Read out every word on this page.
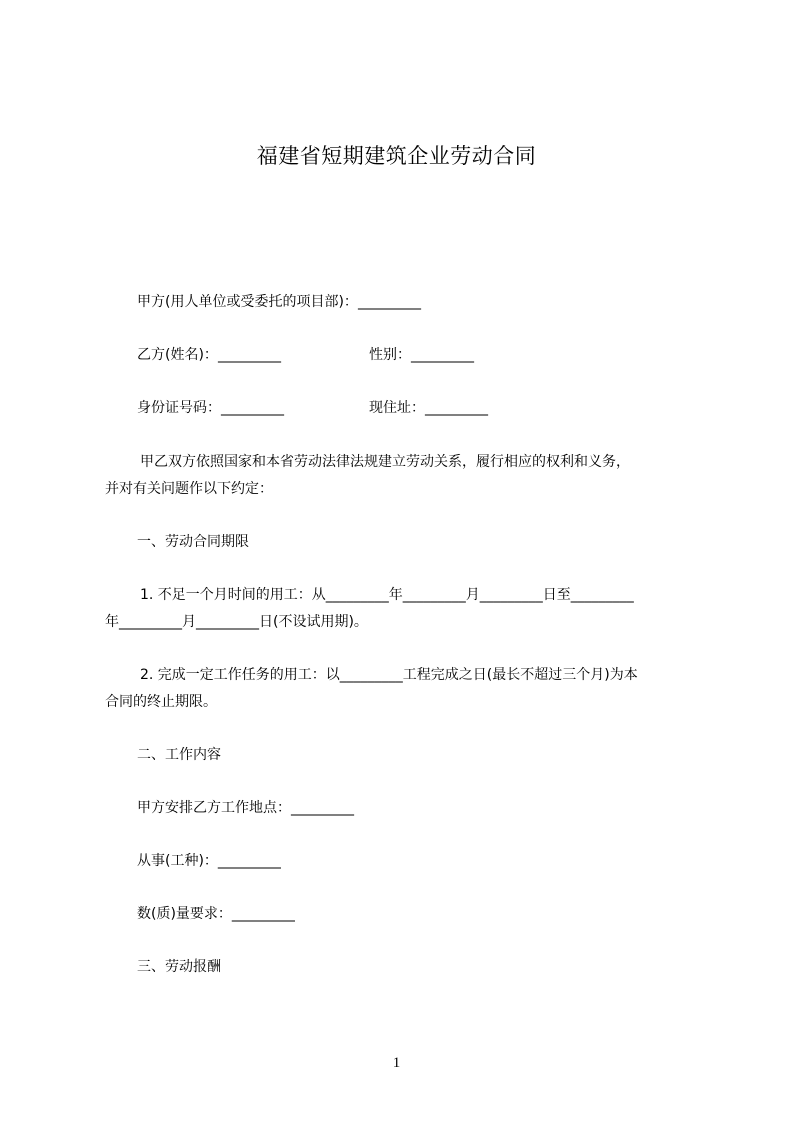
福建省短期建筑企业劳动合同
甲方(用人单位或受委托的项目部)：_________
乙方(姓名)：_________	性别：_________
身份证号码：_________	现住址：_________
甲乙双方依照国家和本省劳动法律法规建立劳动关系，履行相应的权利和义务，
并对有关问题作以下约定：
一、劳动合同期限
1. 不足一个月时间的用工：从_________年_________月_________日至_________
年_________月_________日(不设试用期)。
2. 完成一定工作任务的用工：以_________工程完成之日(最长不超过三个月)为本
合同的终止期限。
二、工作内容
甲方安排乙方工作地点：_________
从事(工种)：_________
数(质)量要求：_________
三、劳动报酬
1
